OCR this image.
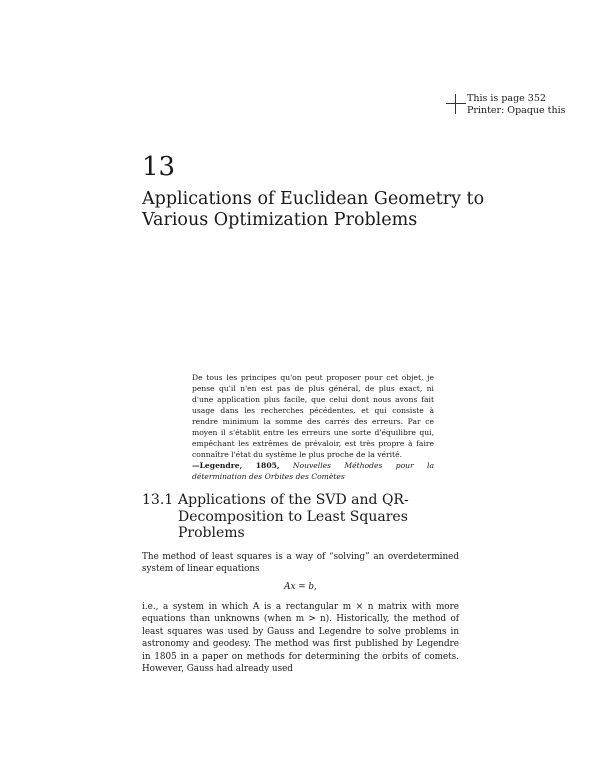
This is page 352
Printer: Opaque this
13
Applications of Euclidean Geometry to
Various Optimization Problems
De tous les principes qu'on peut proposer pour cet objet, je pense qu'il n'en est pas de plus général, de plus exact, ni d'une application plus facile, que celui dont nous avons fait usage dans les recherches pécédentes, et qui consiste à rendre minimum la somme des carrés des erreurs. Par ce moyen il s'établit entre les erreurs une sorte d'équilibre qui, empêchant les extrêmes de prévaloir, est très propre à faire connaître l'état du système le plus proche de la vérité.
—Legendre, 1805, Nouvelles Méthodes pour la détermination des Orbites des Comètes
13.1 Applications of the SVD and QR-Decomposition to Least Squares Problems
The method of least squares is a way of “solving” an overdetermined system of linear equations
Ax = b,
i.e., a system in which A is a rectangular m × n matrix with more equations than unknowns (when m > n). Historically, the method of least squares was used by Gauss and Legendre to solve problems in astronomy and geodesy. The method was first published by Legendre in 1805 in a paper on methods for determining the orbits of comets. However, Gauss had already used
